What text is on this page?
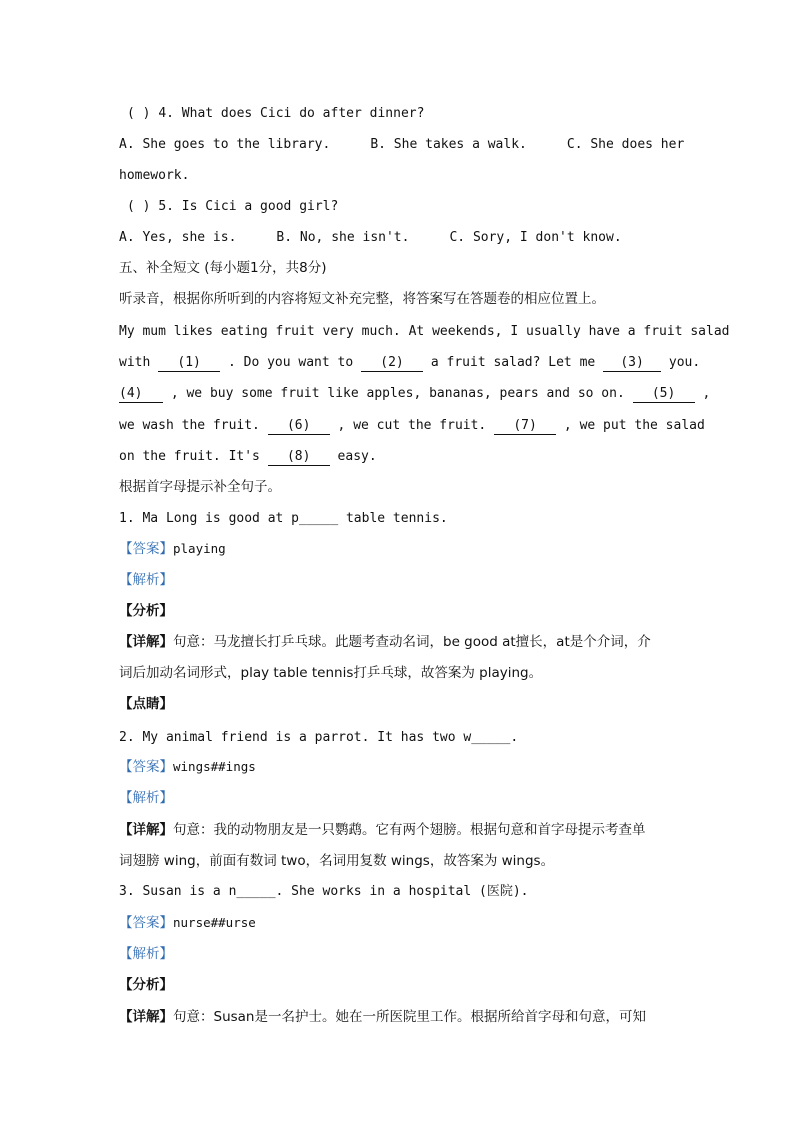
( ) 4. What does Cici do after dinner?
A. She goes to the library.	B. She takes a walk.	C. She does her
homework.
( ) 5. Is Cici a good girl?
A. Yes, she is.	B. No, she isn't.	C. Sory, I don't know.
五、补全短文 (每小题1分，共8分)
听录音，根据你所听到的内容将短文补充完整，将答案写在答题卷的相应位置上。
My mum likes eating fruit very much. At weekends, I usually have a fruit salad
with (1) . Do you want to (2) a fruit salad? Let me (3) you.
(4) , we buy some fruit like apples, bananas, pears and so on. (5) ,
we wash the fruit. (6) , we cut the fruit. (7) , we put the salad
on the fruit. It's (8) easy.
根据首字母提示补全句子。
1. Ma Long is good at p_____ table tennis.
【答案】playing
【解析】
【分析】
【详解】句意：马龙擅长打乒乓球。此题考查动名词，be good at擅长，at是个介词，介
词后加动名词形式，play table tennis打乒乓球，故答案为 playing。
【点睛】
2. My animal friend is a parrot. It has two w_____.
【答案】wings##ings
【解析】
【详解】句意：我的动物朋友是一只鹦鹉。它有两个翅膀。根据句意和首字母提示考查单
词翅膀 wing，前面有数词 two，名词用复数 wings，故答案为 wings。
3. Susan is a n_____. She works in a hospital (医院).
【答案】nurse##urse
【解析】
【分析】
【详解】句意：Susan是一名护士。她在一所医院里工作。根据所给首字母和句意，可知
